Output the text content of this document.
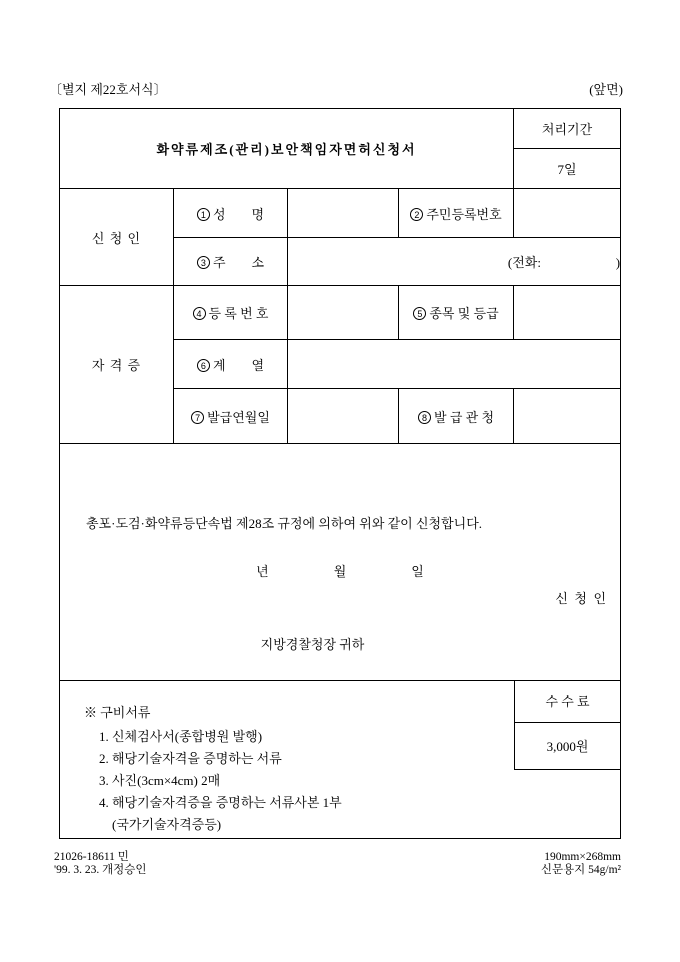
〔별지 제22호서식〕	(앞면)
화약류제조(관리)보안책임자면허신청서				처리기간
				7일
신 청 인	1 성        명		2 주민등록번호	
	3 주        소	(전화:                       )		
자 격 증	4 등 록 번 호		5 종목 및 등급	
	6 계        열			
	7 발급연월일		8 발 급 관 청	

총포·도검·화약류등단속법 제28조 규정에 의하여 위와 같이 신청합니다.
년                    월                    일
신  청  인
지방경찰청장 귀하				

※ 구비서류
1. 신체검사서(종합병원 발행)
2. 해당기술자격을 증명하는 서류
3. 사진(3cm×4cm) 2매
4. 해당기술자격증을 증명하는 서류사본 1부
(국가기술자격증등)
수 수 료
3,000원
21026-18611 민
'99. 3. 23. 개정승인
190mm×268mm
신문용지 54g/m²
